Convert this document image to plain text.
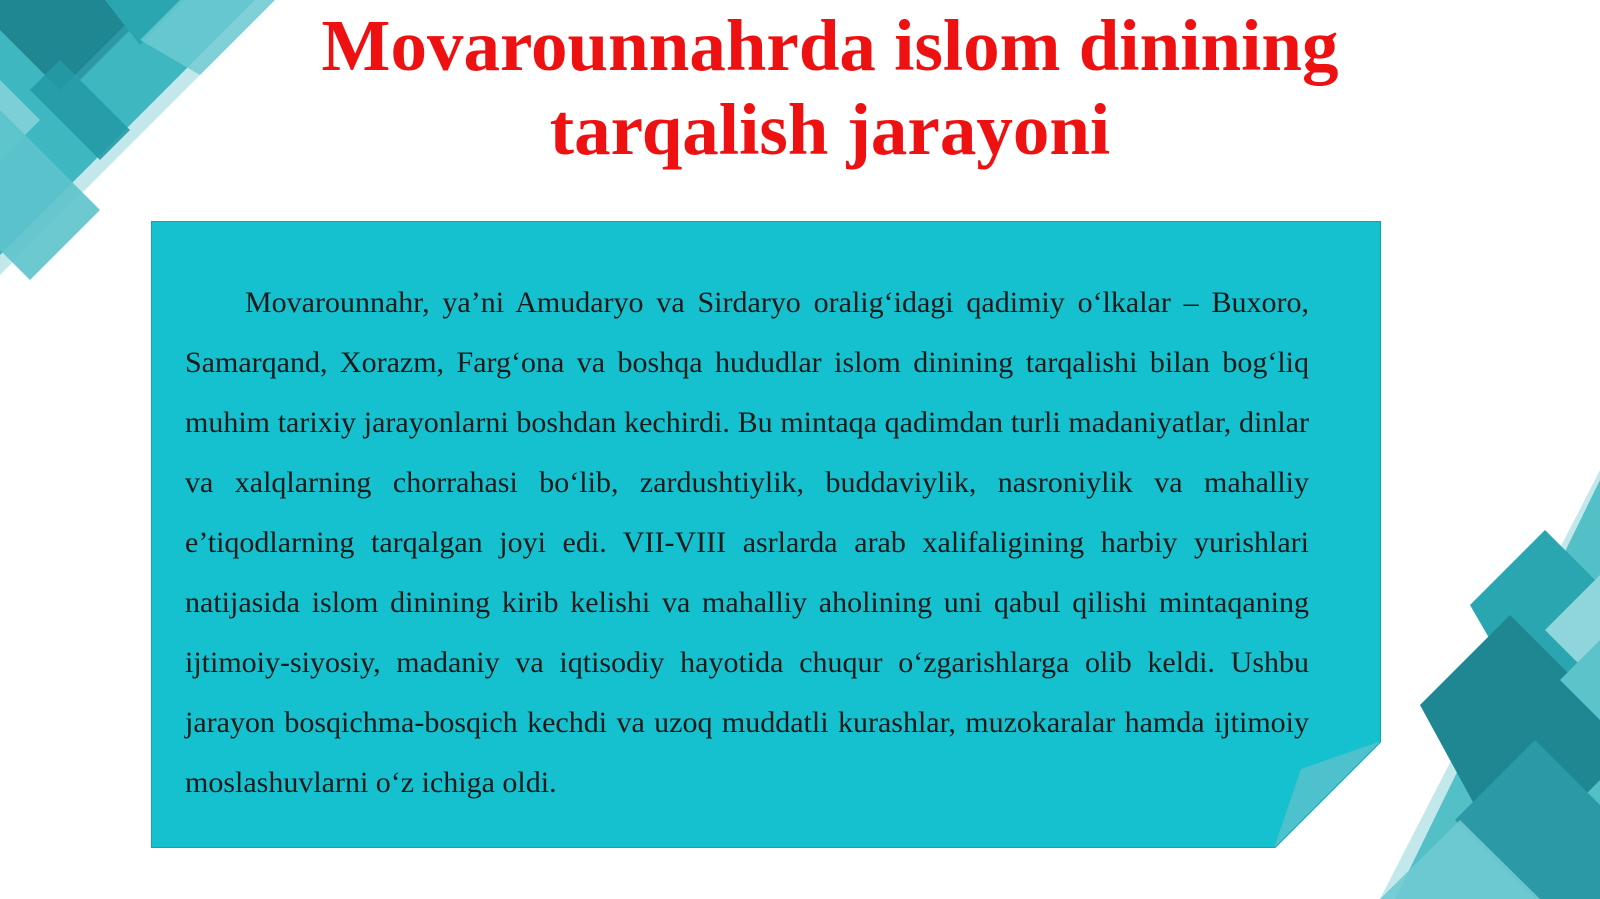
Movarounnahrda islom dinining tarqalish jarayoni

Movarounnahr, ya’ni Amudaryo va Sirdaryo oralig‘idagi qadimiy o‘lkalar – Buxoro, Samarqand, Xorazm, Farg‘ona va boshqa hududlar islom dinining tarqalishi bilan bog‘liq muhim tarixiy jarayonlarni boshdan kechirdi. Bu mintaqa qadimdan turli madaniyatlar, dinlar va xalqlarning chorrahasi bo‘lib, zardushtiylik, buddaviylik, nasroniylik va mahalliy e’tiqodlarning tarqalgan joyi edi. VII-VIII asrlarda arab xalifaligining harbiy yurishlari natijasida islom dinining kirib kelishi va mahalliy aholining uni qabul qilishi mintaqaning ijtimoiy-siyosiy, madaniy va iqtisodiy hayotida chuqur o‘zgarishlarga olib keldi. Ushbu jarayon bosqichma-bosqich kechdi va uzoq muddatli kurashlar, muzokaralar hamda ijtimoiy moslashuvlarni o‘z ichiga oldi.
